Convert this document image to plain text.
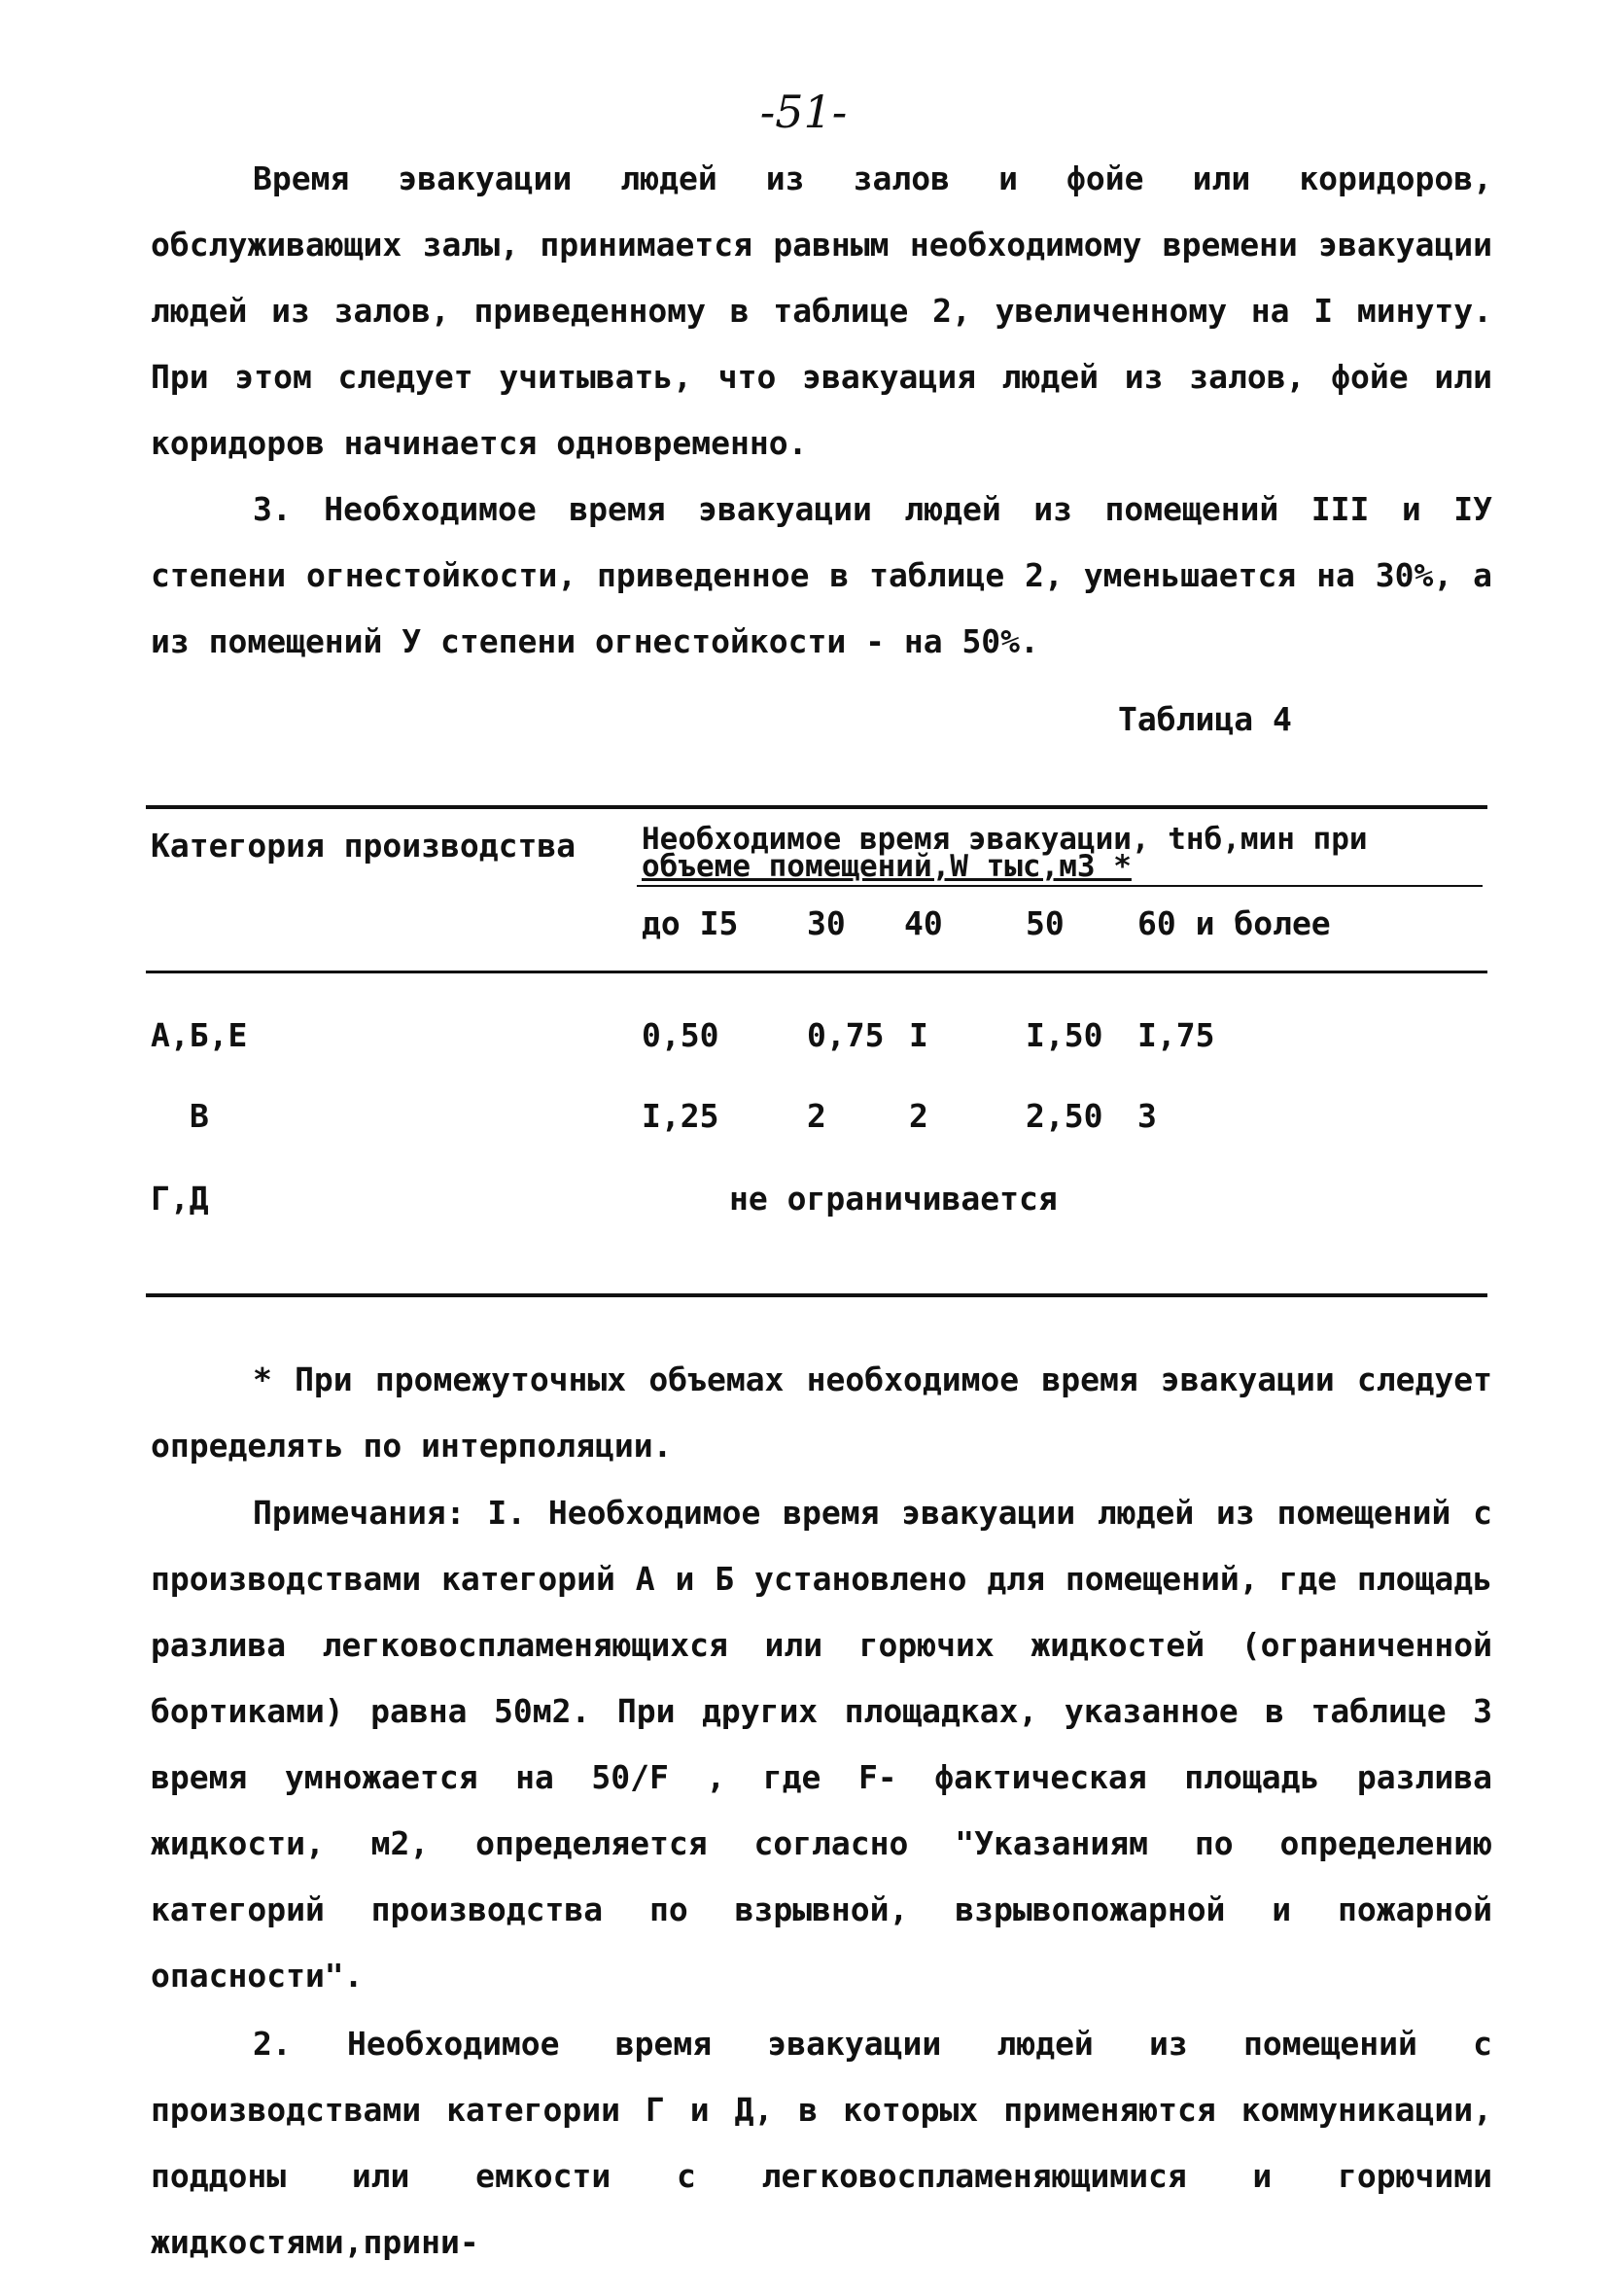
-51-

Время эвакуации людей из залов и фойе или коридоров, обслуживающих залы, принимается равным необходимому времени эвакуации людей из залов, приведенному в таблице 2, увеличенному на I минуту. При этом следует учитывать, что эвакуация людей из залов, фойе или коридоров начинается одновременно.

3. Необходимое время эвакуации людей из помещений III и IУ степени огнестойкости, приведенное в таблице 2, уменьшается на 30%, а из помещений У степени огнестойкости - на 50%.

Таблица 4
Категория производства Необходимое время эвакуации, tнб,мин при
объеме помещений,W тыс,м3 *
до I5 30 40	50 60 и более
А,Б,Е	0,50	0,75 I	I,50 I,75
В	I,25	2	2	2,50 3
Г,Д	не ограничивается

* При промежуточных объемах необходимое время эвакуации следует определять по интерполяции.

Примечания: I. Необходимое время эвакуации людей из помещений с производствами категорий А и Б установлено для помещений, где площадь разлива легковоспламеняющихся или горючих жидкостей (ограниченной бортиками) равна 50м2. При других площадках, указанное в таблице 3 время умножается на 50/F , где F- фактическая площадь разлива жидкости, м2, определяется согласно "Указаниям по определению категорий производства по взрывной, взрывопожарной и пожарной опасности".

2. Необходимое время эвакуации людей из помещений с производствами категории Г и Д, в которых применяются коммуникации, поддоны или емкости с легковоспламеняющимися и горючими жидкостями,прини-
